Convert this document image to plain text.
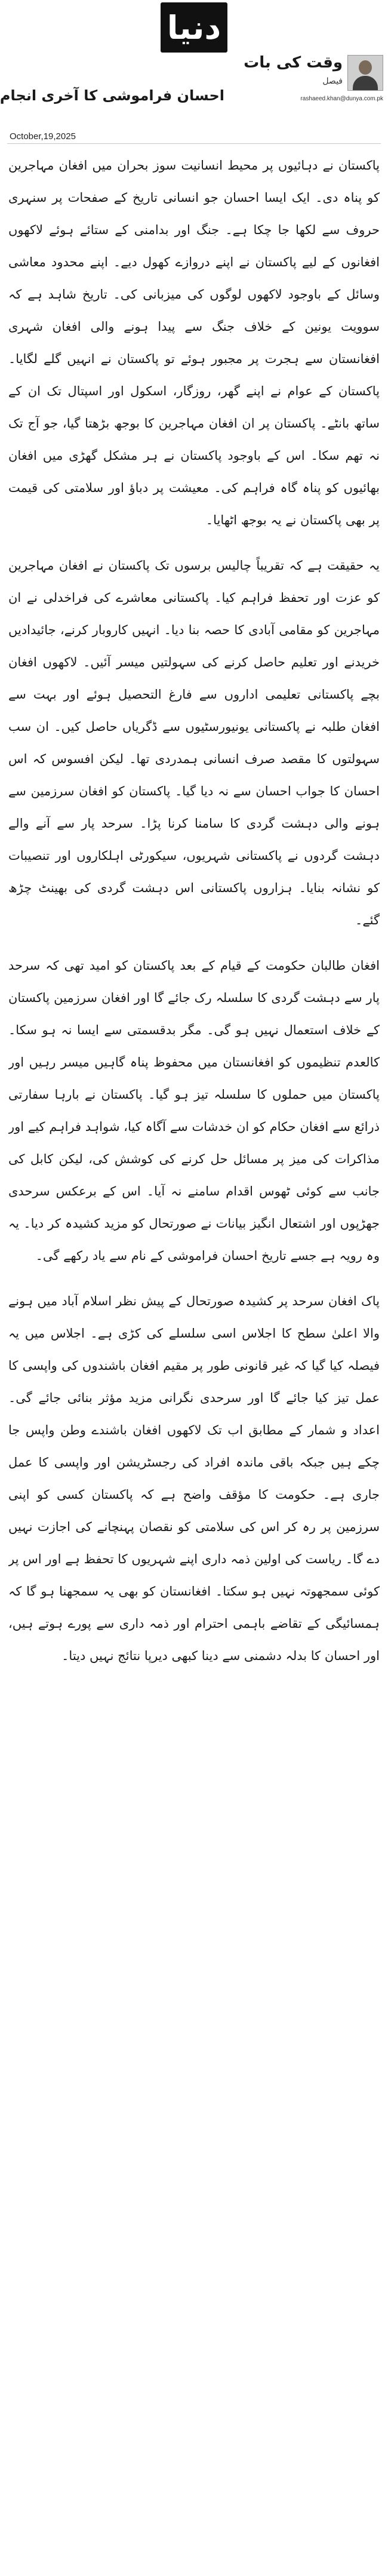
دنیا
وقت کی بات
فیصل
rashaeed.khan@dunya.com.pk
احسان فراموشی کا آخری انجام
October,19,2025

پاکستان نے دہائیوں پر محیط انسانیت سوز بحران میں افغان مہاجرین کو پناہ دی۔ ایک ایسا احسان جو انسانی تاریخ کے صفحات پر سنہری حروف سے لکھا جا چکا ہے۔ جنگ اور بدامنی کے ستائے ہوئے لاکھوں افغانوں کے لیے پاکستان نے اپنے دروازے کھول دیے۔ اپنے محدود معاشی وسائل کے باوجود لاکھوں لوگوں کی میزبانی کی۔ تاریخ شاہد ہے کہ سوویت یونین کے خلاف جنگ سے پیدا ہونے والی افغان شہری افغانستان سے ہجرت پر مجبور ہوئے تو پاکستان نے انہیں گلے لگایا۔ پاکستان کے عوام نے اپنے گھر، روزگار، اسکول اور اسپتال تک ان کے ساتھ بانٹے۔ پاکستان پر ان افغان مہاجرین کا بوجھ بڑھتا گیا، جو آج تک نہ تھم سکا۔ اس کے باوجود پاکستان نے ہر مشکل گھڑی میں افغان بھائیوں کو پناہ گاہ فراہم کی۔ معیشت پر دباؤ اور سلامتی کی قیمت پر بھی پاکستان نے یہ بوجھ اٹھایا۔

یہ حقیقت ہے کہ تقریباً چالیس برسوں تک پاکستان نے افغان مہاجرین کو عزت اور تحفظ فراہم کیا۔ پاکستانی معاشرے کی فراخدلی نے ان مہاجرین کو مقامی آبادی کا حصہ بنا دیا۔ انہیں کاروبار کرنے، جائیدادیں خریدنے اور تعلیم حاصل کرنے کی سہولتیں میسر آئیں۔ لاکھوں افغان بچے پاکستانی تعلیمی اداروں سے فارغ التحصیل ہوئے اور بہت سے افغان طلبہ نے پاکستانی یونیورسٹیوں سے ڈگریاں حاصل کیں۔ ان سب سہولتوں کا مقصد صرف انسانی ہمدردی تھا۔ لیکن افسوس کہ اس احسان کا جواب احسان سے نہ دیا گیا۔ پاکستان کو افغان سرزمین سے ہونے والی دہشت گردی کا سامنا کرنا پڑا۔ سرحد پار سے آنے والے دہشت گردوں نے پاکستانی شہریوں، سیکورٹی اہلکاروں اور تنصیبات کو نشانہ بنایا۔ ہزاروں پاکستانی اس دہشت گردی کی بھینٹ چڑھ گئے۔

افغان طالبان حکومت کے قیام کے بعد پاکستان کو امید تھی کہ سرحد پار سے دہشت گردی کا سلسلہ رک جائے گا اور افغان سرزمین پاکستان کے خلاف استعمال نہیں ہو گی۔ مگر بدقسمتی سے ایسا نہ ہو سکا۔ کالعدم تنظیموں کو افغانستان میں محفوظ پناہ گاہیں میسر رہیں اور پاکستان میں حملوں کا سلسلہ تیز ہو گیا۔ پاکستان نے بارہا سفارتی ذرائع سے افغان حکام کو ان خدشات سے آگاہ کیا، شواہد فراہم کیے اور مذاکرات کی میز پر مسائل حل کرنے کی کوشش کی، لیکن کابل کی جانب سے کوئی ٹھوس اقدام سامنے نہ آیا۔ اس کے برعکس سرحدی جھڑپوں اور اشتعال انگیز بیانات نے صورتحال کو مزید کشیدہ کر دیا۔ یہ وہ رویہ ہے جسے تاریخ احسان فراموشی کے نام سے یاد رکھے گی۔

پاک افغان سرحد پر کشیدہ صورتحال کے پیش نظر اسلام آباد میں ہونے والا اعلیٰ سطح کا اجلاس اسی سلسلے کی کڑی ہے۔ اجلاس میں یہ فیصلہ کیا گیا کہ غیر قانونی طور پر مقیم افغان باشندوں کی واپسی کا عمل تیز کیا جائے گا اور سرحدی نگرانی مزید مؤثر بنائی جائے گی۔ اعداد و شمار کے مطابق اب تک لاکھوں افغان باشندے وطن واپس جا چکے ہیں جبکہ باقی ماندہ افراد کی رجسٹریشن اور واپسی کا عمل جاری ہے۔ حکومت کا مؤقف واضح ہے کہ پاکستان کسی کو اپنی سرزمین پر رہ کر اس کی سلامتی کو نقصان پہنچانے کی اجازت نہیں دے گا۔ ریاست کی اولین ذمہ داری اپنے شہریوں کا تحفظ ہے اور اس پر کوئی سمجھوتہ نہیں ہو سکتا۔ افغانستان کو بھی یہ سمجھنا ہو گا کہ ہمسائیگی کے تقاضے باہمی احترام اور ذمہ داری سے پورے ہوتے ہیں، اور احسان کا بدلہ دشمنی سے دینا کبھی دیرپا نتائج نہیں دیتا۔
